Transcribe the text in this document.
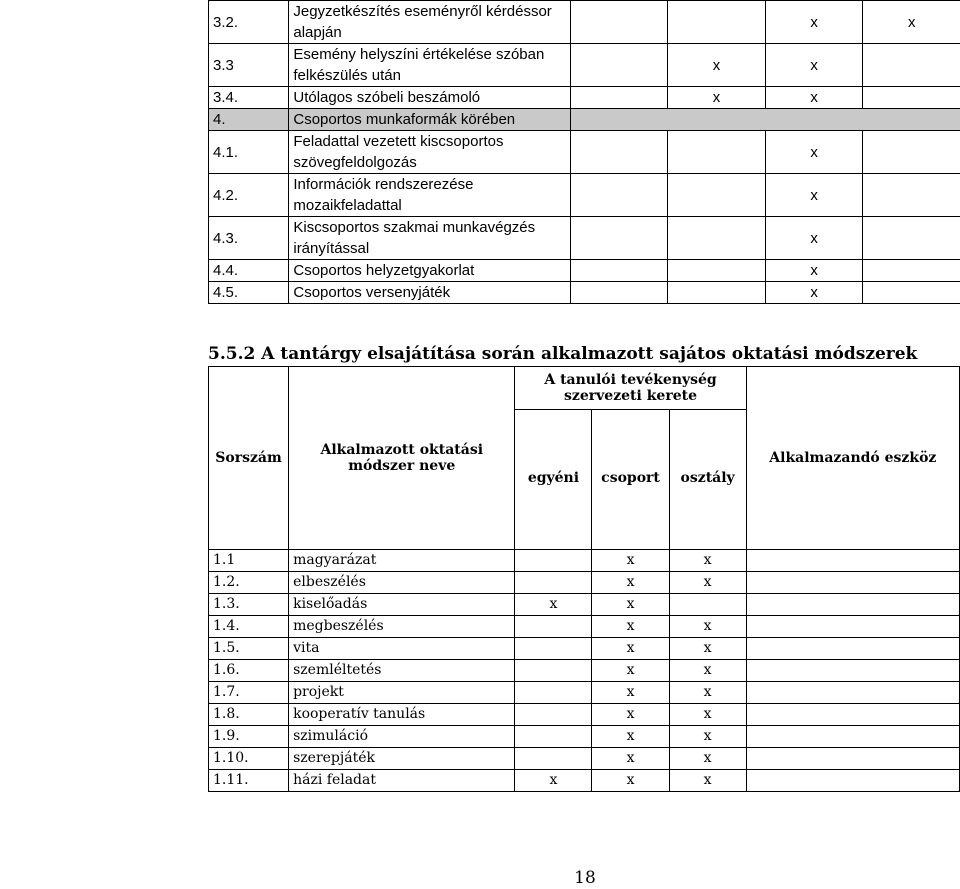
3.2.	Jegyzetkészítés eseményről kérdéssor alapján			x	x
3.3	Esemény helyszíni értékelése szóban felkészülés után		x	x	
3.4.	Utólagos szóbeli beszámoló		x	x	
4.	Csoportos munkaformák körében				
4.1.	Feladattal vezetett kiscsoportos szövegfeldolgozás			x	
4.2.	Információk rendszerezése mozaikfeladattal			x	
4.3.	Kiscsoportos szakmai munkavégzés irányítással			x	
4.4.	Csoportos helyzetgyakorlat			x	
4.5.	Csoportos versenyjáték			x	
5.5.2 A tantárgy elsajátítása során alkalmazott sajátos oktatási módszerek
Sorszám	Alkalmazott oktatási módszer neve	A tanulói tevékenység szervezeti kerete			Alkalmazandó eszköz
		egyéni	csoport	osztály	
1.1	magyarázat		x	x	
1.2.	elbeszélés		x	x	
1.3.	kiselőadás	x	x		
1.4.	megbeszélés		x	x	
1.5.	vita		x	x	
1.6.	szemléltetés		x	x	
1.7.	projekt		x	x	
1.8.	kooperatív tanulás		x	x	
1.9.	szimuláció		x	x	
1.10.	szerepjáték		x	x	
1.11.	házi feladat	x	x	x	
18
